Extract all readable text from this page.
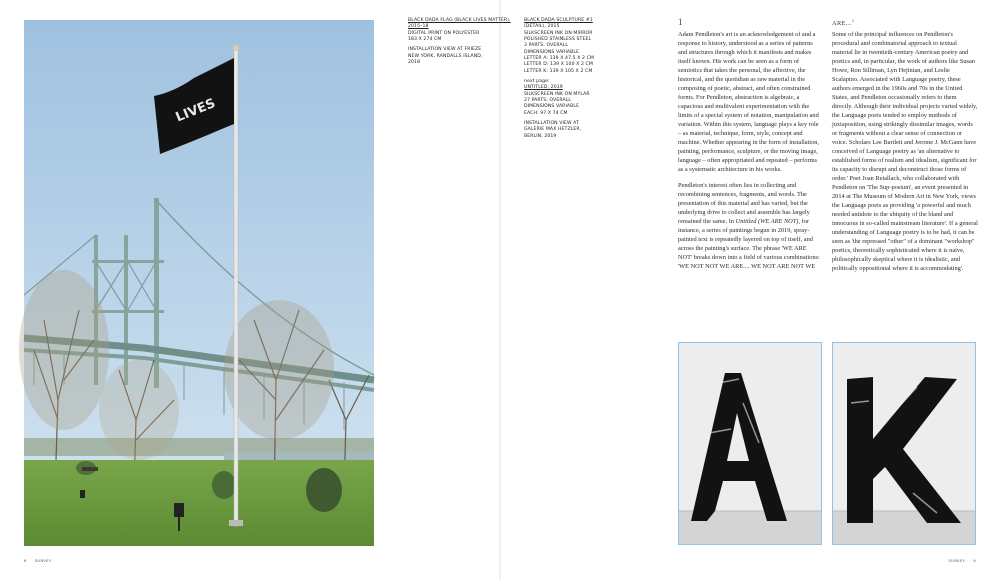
LIVES

BLACK DADA FLAG (BLACK LIVES MATTER), 2015–18
DIGITAL PRINT ON POLYESTER
183 X 274 CM

INSTALLATION VIEW AT FRIEZE
NEW YORK, RANDALLS ISLAND,
2018

BLACK DADA SCULPTURE #1
(DETAIL), 2015
SILKSCREEN INK ON MIRROR
POLISHED STAINLESS STEEL
3 PARTS: OVERALL
DIMENSIONS VARIABLE
LETTER A: 139 X 47.5 X 2 CM
LETTER D: 139 X 100 X 2 CM
LETTER K: 139 X 105 X 2 CM

next page:
UNTITLED, 2019
SILKSCREEN INK ON MYLAR
27 PARTS: OVERALL
DIMENSIONS VARIABLE
EACH: 97 X 74 CM

INSTALLATION VIEW AT
GALERIE MAX HETZLER,
BERLIN, 2019

1	ARE...$^1$

Adam Pendleton's art is an acknowledgement of and a response to history, understood as a series of patterns and structures through which it manifests and makes itself known. His work can be seen as a form of semiotics that takes the personal, the affective, the historical, and the quotidian as raw material in the composing of poetic, abstract, and often constrained forms. For Pendleton, abstraction is algebraic, a capacious and multivalent experimentation with the limits of a special system of notation, manipulation and variation. Within this system, language plays a key role – as material, technique, form, style, concept and machine. Whether appearing in the form of installation, painting, performance, sculpture, or the moving image, language – often appropriated and repeated – performs as a systematic architecture in his works.

Pendleton's interest often lies in collecting and recombining sentences, fragments, and words. The presentation of this material and has varied, but the underlying drive to collect and assemble has largely remained the same. In Untitled (WE ARE NOT), for instance, a series of paintings begun in 2019, spray-painted text is repeatedly layered on top of itself, and across the painting's surface. The phrase 'WE ARE NOT' breaks down into a field of various combinations: 'WE NOT NOT WE ARE.... WE NOT ARE NOT WE

Some of the principal influences on Pendleton's procedural and combinatorial approach to textual material lie in twentieth-century American poetry and poetics and, in particular, the work of authors like Susan Howe, Ron Silliman, Lyn Hejinian, and Leslie Scalapino. Associated with Language poetry, these authors emerged in the 1960s and 70s in the United States, and Pendleton occasionally refers to them directly. Although their individual projects varied widely, the Language poets tended to employ methods of juxtaposition, using strikingly dissimilar images, words or fragments without a clear sense of connection or voice. Scholars Lee Bartlett and Jerome J. McGann have conceived of Language poetry as 'an alternative to established forms of realism and idealism, significant for its capacity to disrupt and deconstruct those forms of order.' Poet Joan Retallack, who collaborated with Pendleton on 'The Sup-posium', an event presented in 2014 at The Museum of Modern Art in New York, views the Language poets as providing 'a powerful and much needed antidote to the ubiquity of the bland and innocuous in so-called mainstream literature'. If a general understanding of Language poetry is to be had, it can be seen as 'the repressed "other" of a dominant "workshop" poetics, theoretically sophisticated where it is naive, philosophically skeptical where it is idealistic, and politically oppositional where it is accommodating'.

A	K
6 SURVEY	SURVEY 9
